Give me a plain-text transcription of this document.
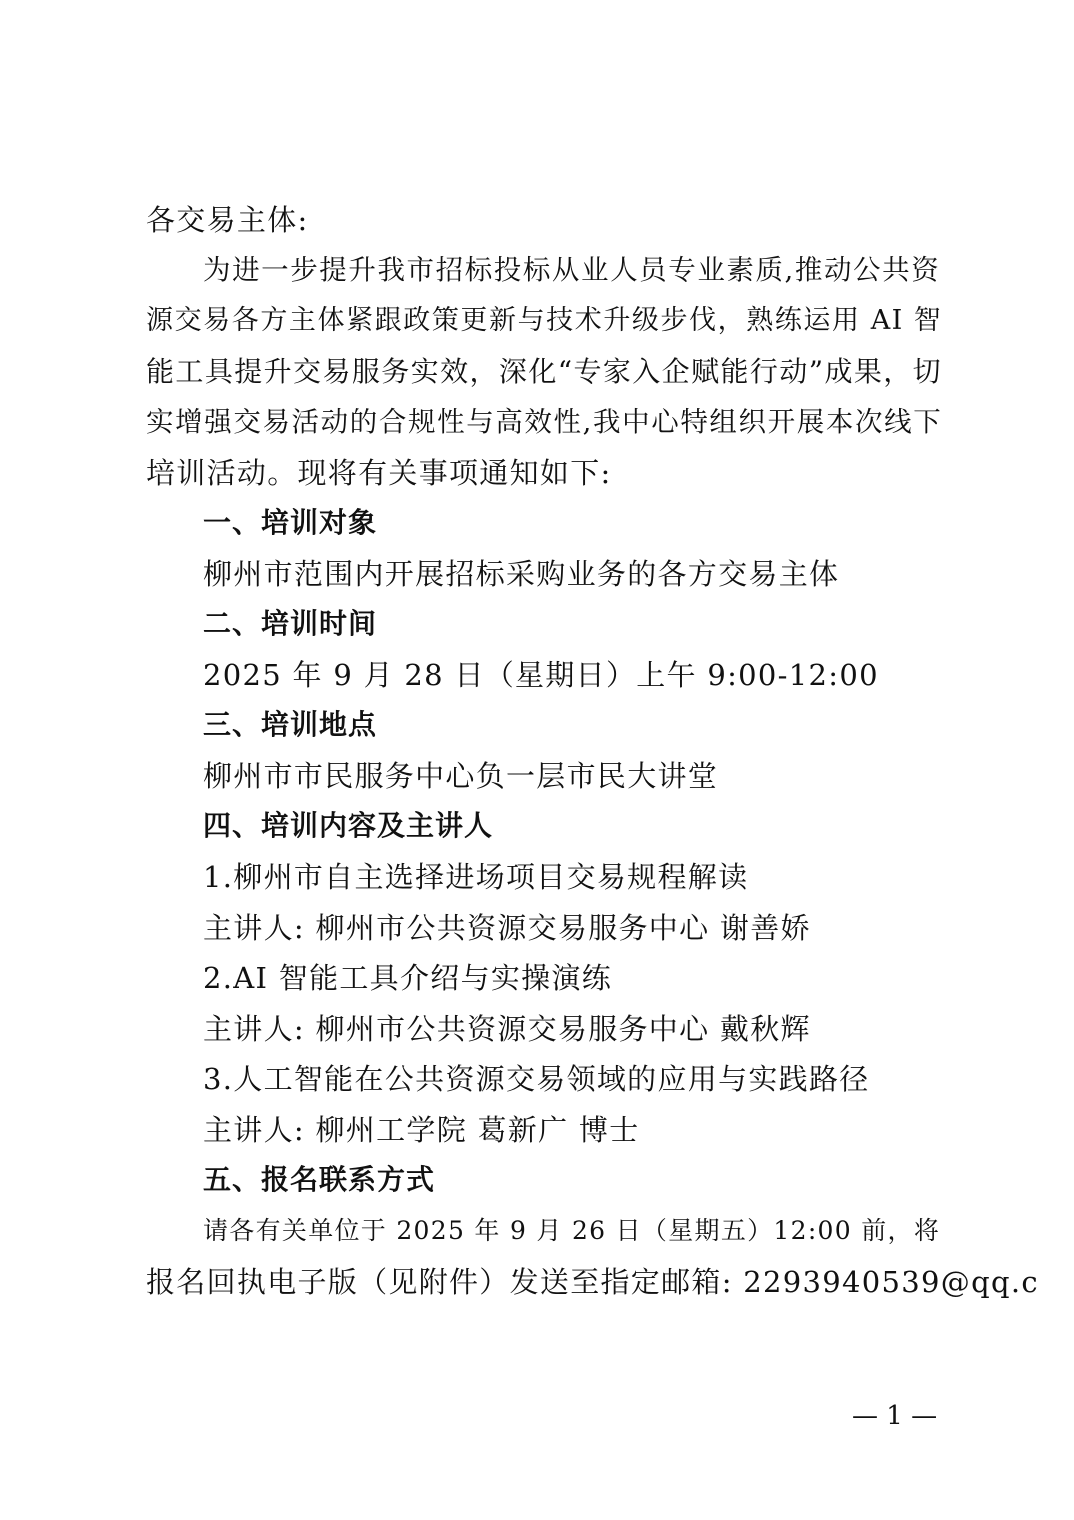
各交易主体:
为进一步提升我市招标投标从业人员专业素质,推动公共资
源交易各方主体紧跟政策更新与技术升级步伐，熟练运用 AI 智
能工具提升交易服务实效，深化“专家入企赋能行动”成果，切
实增强交易活动的合规性与高效性,我中心特组织开展本次线下
培训活动。现将有关事项通知如下:
一、培训对象
柳州市范围内开展招标采购业务的各方交易主体
二、培训时间
2025 年 9 月 28 日（星期日）上午 9:00-12:00
三、培训地点
柳州市市民服务中心负一层市民大讲堂
四、培训内容及主讲人
1.柳州市自主选择进场项目交易规程解读
主讲人: 柳州市公共资源交易服务中心 谢善娇
2.AI 智能工具介绍与实操演练
主讲人: 柳州市公共资源交易服务中心 戴秋辉
3.人工智能在公共资源交易领域的应用与实践路径
主讲人: 柳州工学院 葛新广 博士
五、报名联系方式
请各有关单位于 2025 年 9 月 26 日（星期五）12:00 前，将
报名回执电子版（见附件）发送至指定邮箱: 2293940539@qq.c
— 1 —
